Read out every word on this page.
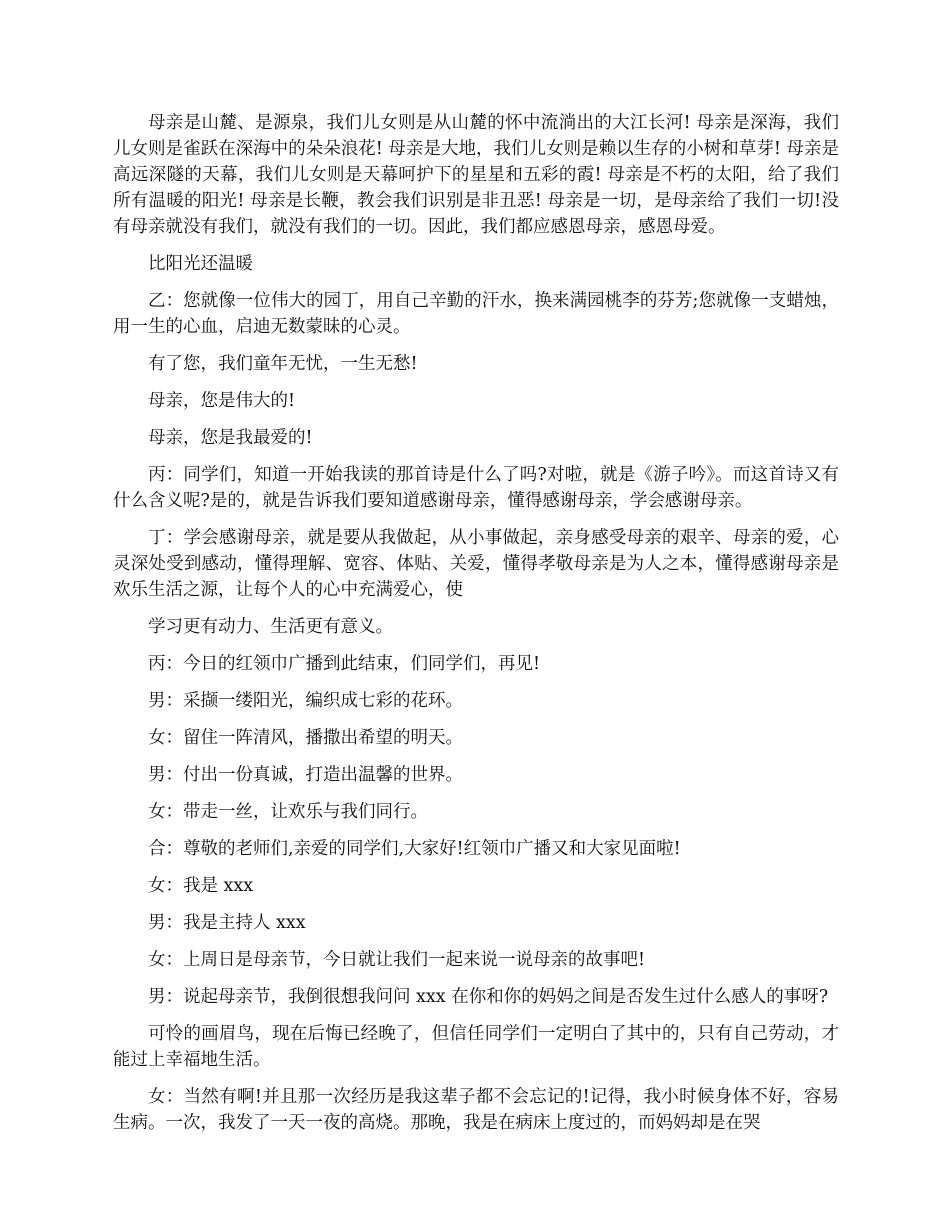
母亲是山麓、是源泉，我们儿女则是从山麓的怀中流淌出的大江长河! 母亲是深海，我们儿女则是雀跃在深海中的朵朵浪花! 母亲是大地，我们儿女则是赖以生存的小树和草芽! 母亲是高远深隧的天幕，我们儿女则是天幕呵护下的星星和五彩的霞! 母亲是不朽的太阳，给了我们所有温暖的阳光! 母亲是长鞭，教会我们识别是非丑恶! 母亲是一切，是母亲给了我们一切!没有母亲就没有我们，就没有我们的一切。因此，我们都应感恩母亲，感恩母爱。

比阳光还温暖

乙：您就像一位伟大的园丁，用自己辛勤的汗水，换来满园桃李的芬芳;您就像一支蜡烛，用一生的心血，启迪无数蒙昧的心灵。

有了您，我们童年无忧，一生无愁!

母亲，您是伟大的!

母亲，您是我最爱的!

丙：同学们，知道一开始我读的那首诗是什么了吗?对啦，就是《游子吟》。而这首诗又有什么含义呢?是的，就是告诉我们要知道感谢母亲，懂得感谢母亲，学会感谢母亲。

丁：学会感谢母亲，就是要从我做起，从小事做起，亲身感受母亲的艰辛、母亲的爱，心灵深处受到感动，懂得理解、宽容、体贴、关爱，懂得孝敬母亲是为人之本，懂得感谢母亲是欢乐生活之源，让每个人的心中充满爱心，使

学习更有动力、生活更有意义。

丙：今日的红领巾广播到此结束，们同学们，再见!

男：采撷一缕阳光，编织成七彩的花环。

女：留住一阵清风，播撒出希望的明天。

男：付出一份真诚，打造出温馨的世界。

女：带走一丝，让欢乐与我们同行。

合：尊敬的老师们,亲爱的同学们,大家好!红领巾广播又和大家见面啦!

女：我是 xxx

男：我是主持人 xxx

女：上周日是母亲节，今日就让我们一起来说一说母亲的故事吧!

男：说起母亲节，我倒很想我问问 xxx 在你和你的妈妈之间是否发生过什么感人的事呀?

可怜的画眉鸟，现在后悔已经晚了，但信任同学们一定明白了其中的，只有自己劳动，才能过上幸福地生活。

女：当然有啊!并且那一次经历是我这辈子都不会忘记的!记得，我小时候身体不好，容易生病。一次，我发了一天一夜的高烧。那晚，我是在病床上度过的，而妈妈却是在哭
